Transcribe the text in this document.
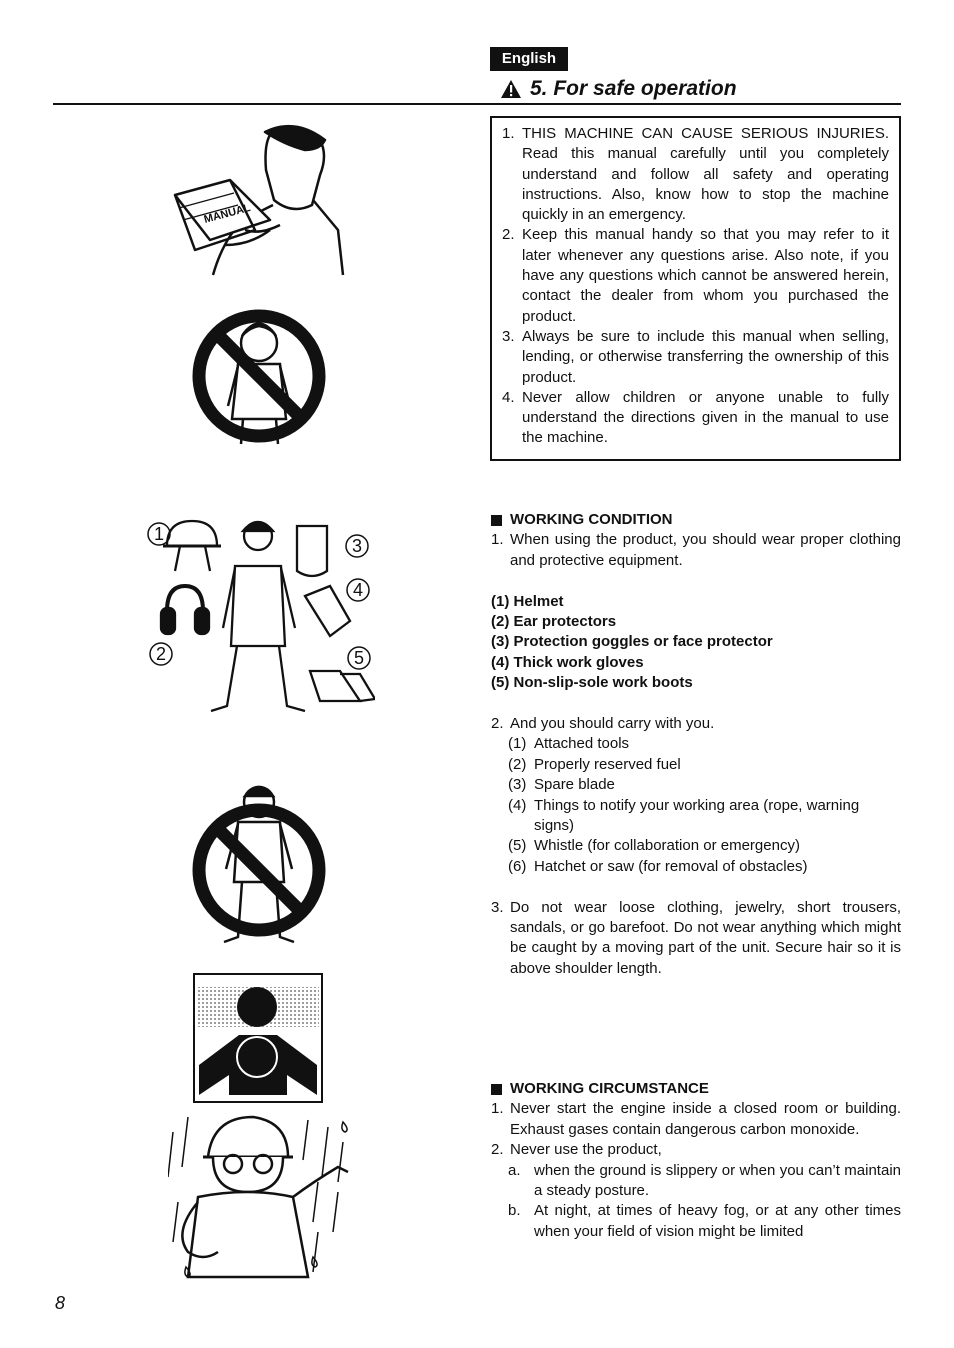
English
5. For safe operation
1. THIS MACHINE CAN CAUSE SERIOUS INJURIES. Read this manual carefully until you completely understand and follow all safety and operating instructions. Also, know how to stop the machine quickly in an emergency.
2. Keep this manual handy so that you may refer to it later whenever any questions arise. Also note, if you have any questions which cannot be answered herein, contact the dealer from whom you purchased the product.
3. Always be sure to include this manual when selling, lending, or otherwise transferring the ownership of this product.
4. Never allow children or anyone unable to fully understand the directions given in the manual to use the machine.

WORKING CONDITION

1. When using the product, you should wear proper clothing and protective equipment.

(1) Helmet

(2) Ear protectors

(3) Protection goggles or face protector

(4) Thick work gloves

(5) Non-slip-sole work boots

2. And you should carry with you.

(1) Attached tools

(2) Properly reserved fuel

(3) Spare blade

(4) Things to notify your working area (rope, warning signs)

(5) Whistle (for collaboration or emergency)

(6) Hatchet or saw (for removal of obstacles)

3. Do not wear loose clothing, jewelry, short trousers, sandals, or go barefoot. Do not wear anything which might be caught by a moving part of the unit. Secure hair so it is above shoulder length.

WORKING CIRCUMSTANCE

1. Never start the engine inside a closed room or building. Exhaust gases contain dangerous carbon monoxide.

2. Never use the product,

a. when the ground is slippery or when you can’t maintain a steady posture.

b. At night, at times of heavy fog, or at any other times when your field of vision might be limited

MANUAL
1
2
3
4
5
8
